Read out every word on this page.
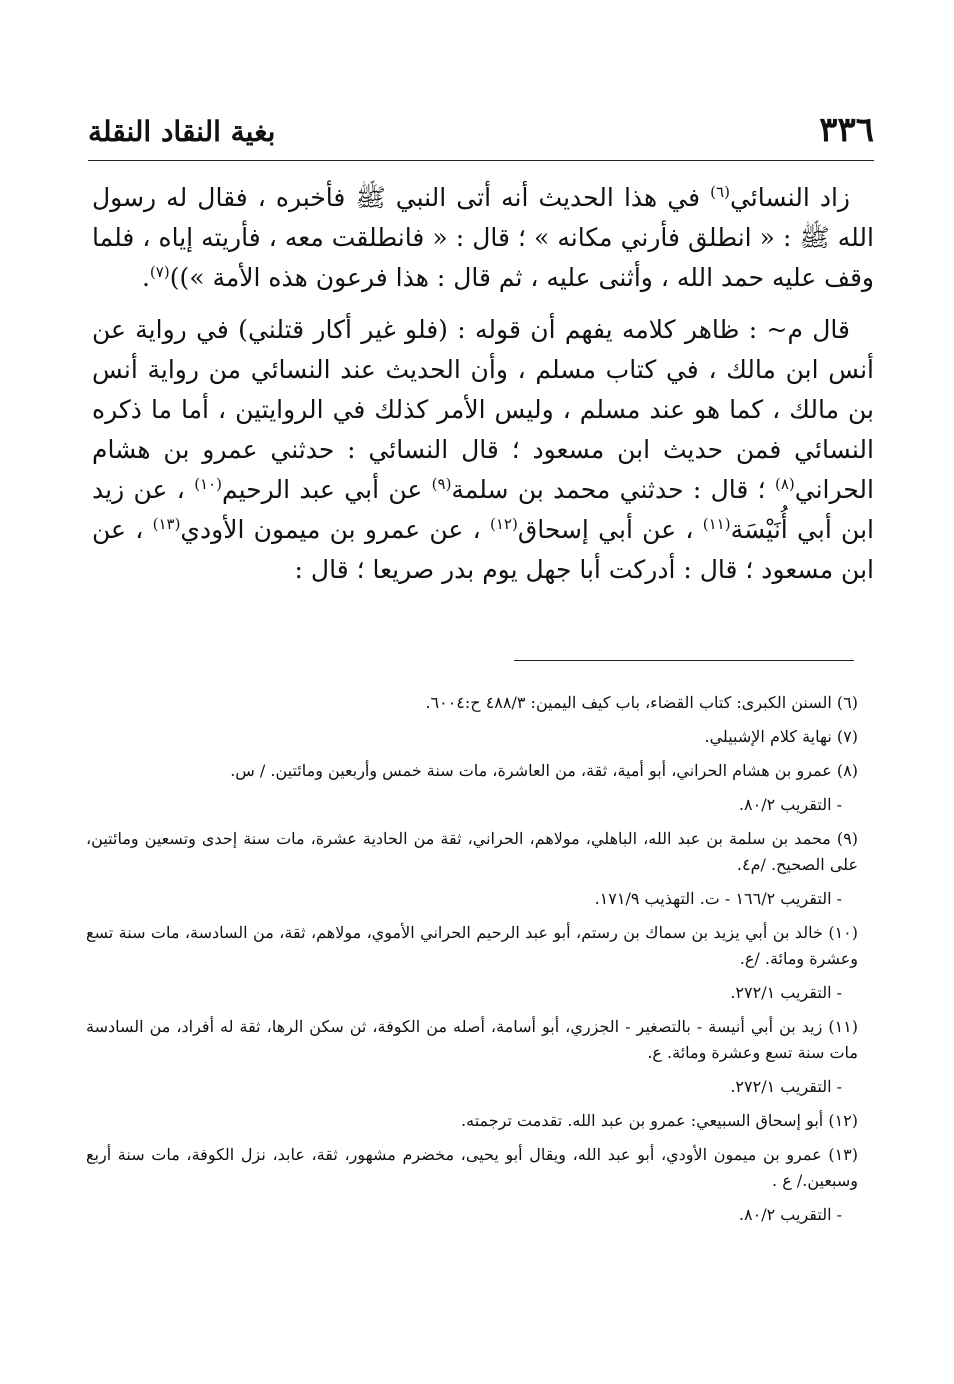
٣٣٦
بغية النقاد النقلة

زاد النسائي$^{(٦)}$ في هذا الحديث أنه أتى النبي ﷺ فأخبره ، فقال له رسول الله ﷺ : « انطلق فأرني مكانه » ؛ قال : « فانطلقت معه ، فأريته إياه ، فلما وقف عليه حمد الله ، وأثنى عليه ، ثم قال : هذا فرعون هذه الأمة »))$^{(٧)}$.

قال م~ : ظاهر كلامه يفهم أن قوله : (فلو غير أكار قتلني) في رواية عن أنس ابن مالك ، في كتاب مسلم ، وأن الحديث عند النسائي من رواية أنس بن مالك ، كما هو عند مسلم ، وليس الأمر كذلك في الروايتين ، أما ما ذكره النسائي فمن حديث ابن مسعود ؛ قال النسائي : حدثني عمرو بن هشام الحراني$^{(٨)}$ ؛ قال : حدثني محمد بن سلمة$^{(٩)}$ عن أبي عبد الرحيم$^{(١٠)}$ ، عن زيد ابن أبي أُنَيْسَة$^{(١١)}$ ، عن أبي إسحاق$^{(١٢)}$ ، عن عمرو بن ميمون الأودي$^{(١٣)}$ ، عن ابن مسعود ؛ قال : أدركت أبا جهل يوم بدر صريعا ؛ قال :

(٦) السنن الكبرى: كتاب القضاء، باب كيف اليمين: ٤٨٨/٣ ح:٦٠٠٤.

(٧) نهاية كلام الإشبيلي.

(٨) عمرو بن هشام الحراني، أبو أمية، ثقة، من العاشرة، مات سنة خمس وأربعين ومائتين. / س.

- التقريب ٨٠/٢.

(٩) محمد بن سلمة بن عبد الله، الباهلي، مولاهم، الحراني، ثقة من الحادية عشرة، مات سنة إحدى وتسعين ومائتين، على الصحيح. /م٤.

- التقريب ١٦٦/٢ - ت. التهذيب ١٧١/٩.

(١٠) خالد بن أبي يزيد بن سماك بن رستم، أبو عبد الرحيم الحراني الأموي، مولاهم، ثقة، من السادسة، مات سنة تسع وعشرة ومائة. /ع.

- التقريب ٢٧٢/١.

(١١) زيد بن أبي أنيسة - بالتصغير - الجزري، أبو أسامة، أصله من الكوفة، ثن سكن الرها، ثقة له أفراد، من السادسة مات سنة تسع وعشرة ومائة. ع.

- التقريب ٢٧٢/١.

(١٢) أبو إسحاق السبيعي: عمرو بن عبد الله. تقدمت ترجمته.

(١٣) عمرو بن ميمون الأودي، أبو عبد الله، ويقال أبو يحيى، مخضرم مشهور، ثقة، عابد، نزل الكوفة، مات سنة أربع وسبعين./ ع .

- التقريب ٨٠/٢.
